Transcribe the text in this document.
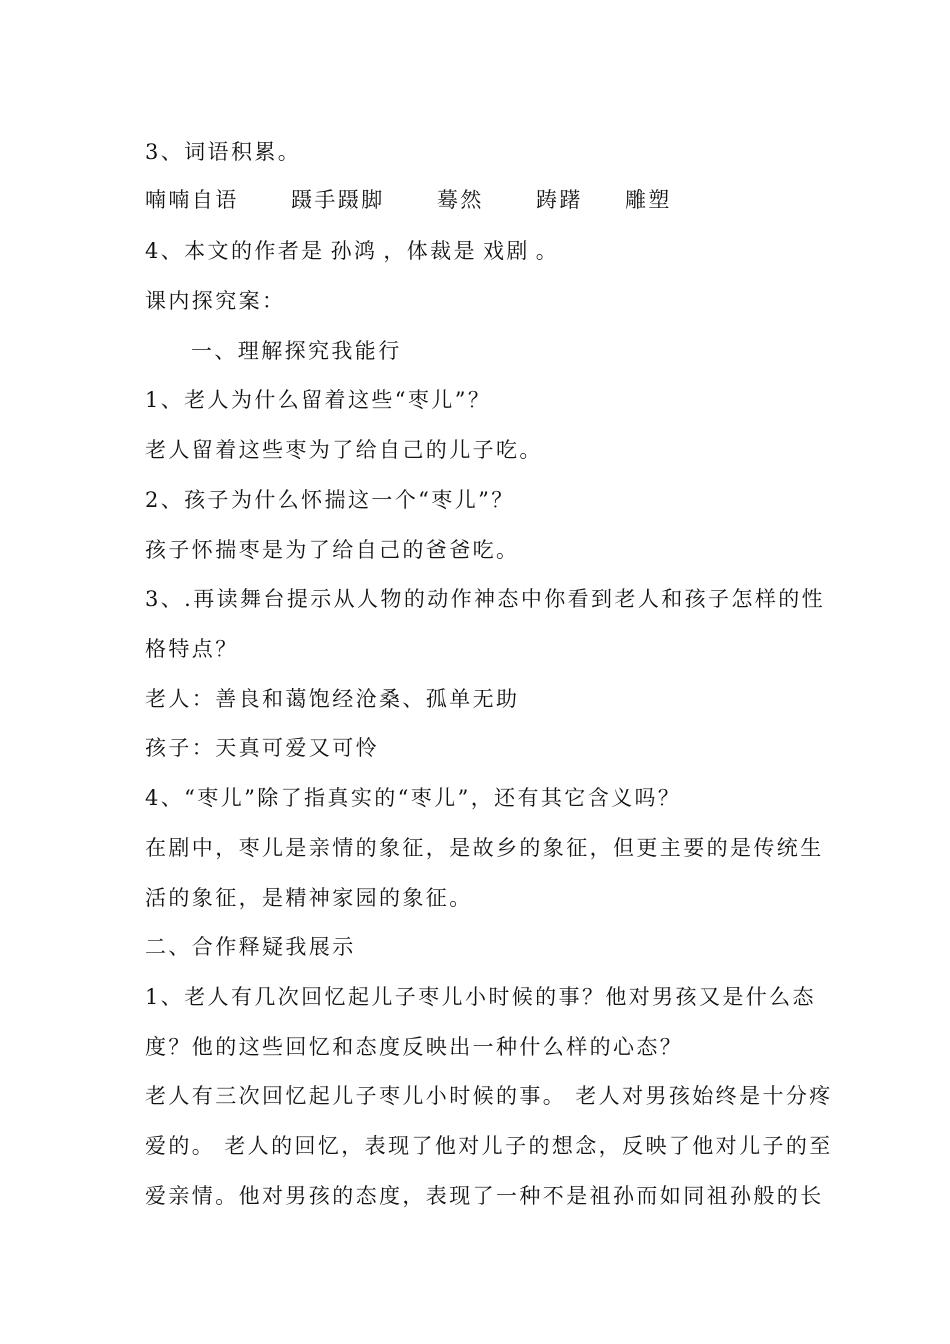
3、词语积累。
喃喃自语 蹑手蹑脚 蓦然 踌躇 雕塑
4、本文的作者是 孙鸿 ，体裁是 戏剧 。
课内探究案：
一、理解探究我能行
1、老人为什么留着这些“枣儿”？
老人留着这些枣为了给自己的儿子吃。
2、孩子为什么怀揣这一个“枣儿”？
孩子怀揣枣是为了给自己的爸爸吃。
3、.再读舞台提示从人物的动作神态中你看到老人和孩子怎样的性
格特点？
老人：善良和蔼饱经沧桑、孤单无助
孩子：天真可爱又可怜
4、“枣儿”除了指真实的“枣儿”，还有其它含义吗？
在剧中，枣儿是亲情的象征，是故乡的象征，但更主要的是传统生
活的象征，是精神家园的象征。
二、合作释疑我展示
1、老人有几次回忆起儿子枣儿小时候的事？他对男孩又是什么态
度？他的这些回忆和态度反映出一种什么样的心态？
老人有三次回忆起儿子枣儿小时候的事。 老人对男孩始终是十分疼
爱的。 老人的回忆，表现了他对儿子的想念，反映了他对儿子的至
爱亲情。他对男孩的态度，表现了一种不是祖孙而如同祖孙般的长
